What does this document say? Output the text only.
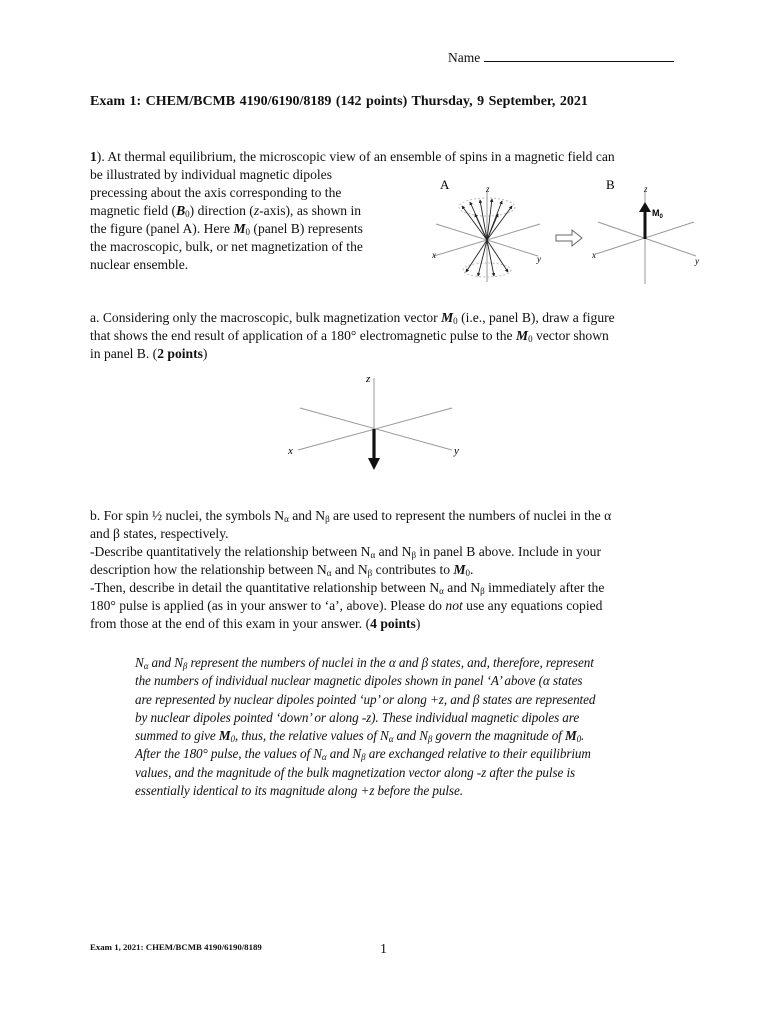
Name
Exam 1: CHEM/BCMB 4190/6190/8189 (142 points) Thursday, 9 September, 2021

1). At thermal equilibrium, the microscopic view of an ensemble of spins in a magnetic field can

be illustrated by individual magnetic dipoles

precessing about the axis corresponding to the

magnetic field $(B_0)$ direction (z-axis), as shown in

the figure (panel A). Here $M_0$ (panel B) represents

the macroscopic, bulk, or net magnetization of the

nuclear ensemble.

A	z
x	y
B	z
x
y
$M_0$

a. Considering only the macroscopic, bulk magnetization vector $M_0$ (i.e., panel B), draw a figure

that shows the end result of application of a 180° electromagnetic pulse to the $M_0$ vector shown

in panel B. (2 points)

z
x	y

b. For spin ½ nuclei, the symbols $N_\alpha$ and $N_\beta$ are used to represent the numbers of nuclei in the α

and β states, respectively.

-Describe quantitatively the relationship between $N_\alpha$ and $N_\beta$ in panel B above. Include in your

description how the relationship between $N_\alpha$ and $N_\beta$ contributes to $M_0$.

-Then, describe in detail the quantitative relationship between $N_\alpha$ and $N_\beta$ immediately after the

180° pulse is applied (as in your answer to ‘a’, above). Please do not use any equations copied

from those at the end of this exam in your answer. (4 points)

$N_\alpha$ and $N_\beta$ represent the numbers of nuclei in the α and β states, and, therefore, represent

the numbers of individual nuclear magnetic dipoles shown in panel ‘A’ above (α states

are represented by nuclear dipoles pointed ‘up’ or along +z, and β states are represented

by nuclear dipoles pointed ‘down’ or along -z). These individual magnetic dipoles are

summed to give $M_0$, thus, the relative values of $N_\alpha$ and $N_\beta$ govern the magnitude of $M_0$.

After the 180° pulse, the values of $N_\alpha$ and $N_\beta$ are exchanged relative to their equilibrium

values, and the magnitude of the bulk magnetization vector along -z after the pulse is

essentially identical to its magnitude along +z before the pulse.

Exam 1, 2021: CHEM/BCMB 4190/6190/8189	1
